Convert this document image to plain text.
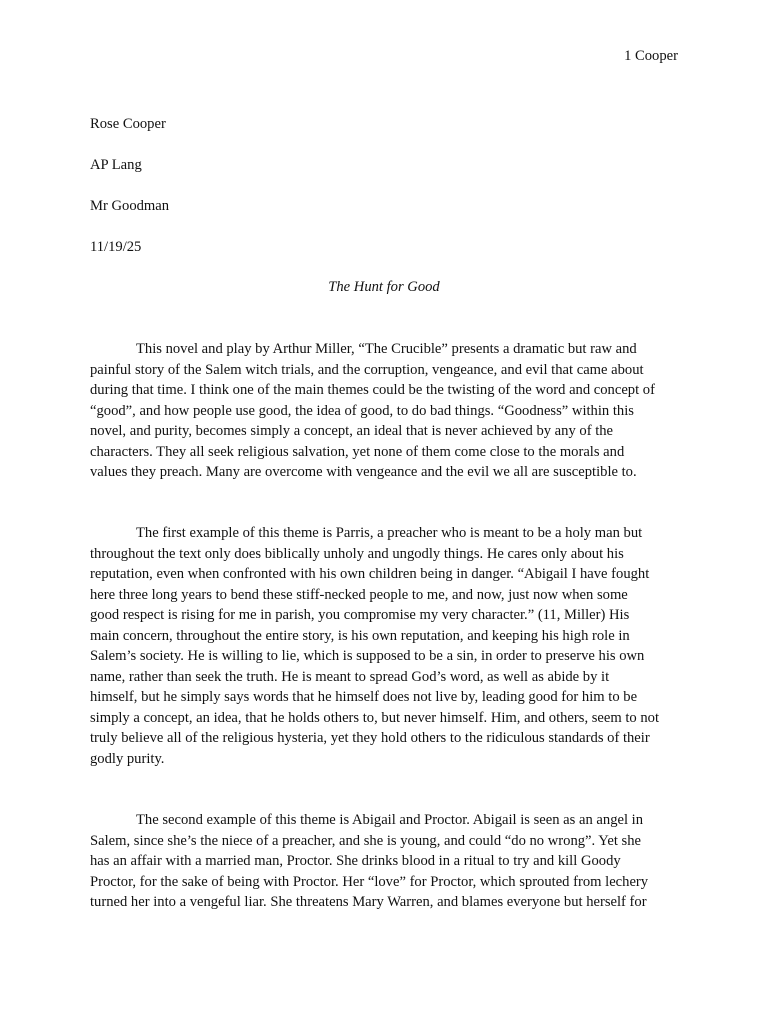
1 Cooper
Rose Cooper
AP Lang
Mr Goodman
11/19/25
The Hunt for Good
This novel and play by Arthur Miller, “The Crucible” presents a dramatic but raw and
painful story of the Salem witch trials, and the corruption, vengeance, and evil that came about
during that time. I think one of the main themes could be the twisting of the word and concept of
“good”, and how people use good, the idea of good, to do bad things. “Goodness” within this
novel, and purity, becomes simply a concept, an ideal that is never achieved by any of the
characters. They all seek religious salvation, yet none of them come close to the morals and
values they preach. Many are overcome with vengeance and the evil we all are susceptible to.
The first example of this theme is Parris, a preacher who is meant to be a holy man but
throughout the text only does biblically unholy and ungodly things. He cares only about his
reputation, even when confronted with his own children being in danger. “Abigail I have fought
here three long years to bend these stiff-necked people to me, and now, just now when some
good respect is rising for me in parish, you compromise my very character.” (11, Miller) His
main concern, throughout the entire story, is his own reputation, and keeping his high role in
Salem’s society. He is willing to lie, which is supposed to be a sin, in order to preserve his own
name, rather than seek the truth. He is meant to spread God’s word, as well as abide by it
himself, but he simply says words that he himself does not live by, leading good for him to be
simply a concept, an idea, that he holds others to, but never himself. Him, and others, seem to not
truly believe all of the religious hysteria, yet they hold others to the ridiculous standards of their
godly purity.
The second example of this theme is Abigail and Proctor. Abigail is seen as an angel in
Salem, since she’s the niece of a preacher, and she is young, and could “do no wrong”. Yet she
has an affair with a married man, Proctor. She drinks blood in a ritual to try and kill Goody
Proctor, for the sake of being with Proctor. Her “love” for Proctor, which sprouted from lechery
turned her into a vengeful liar. She threatens Mary Warren, and blames everyone but herself for
